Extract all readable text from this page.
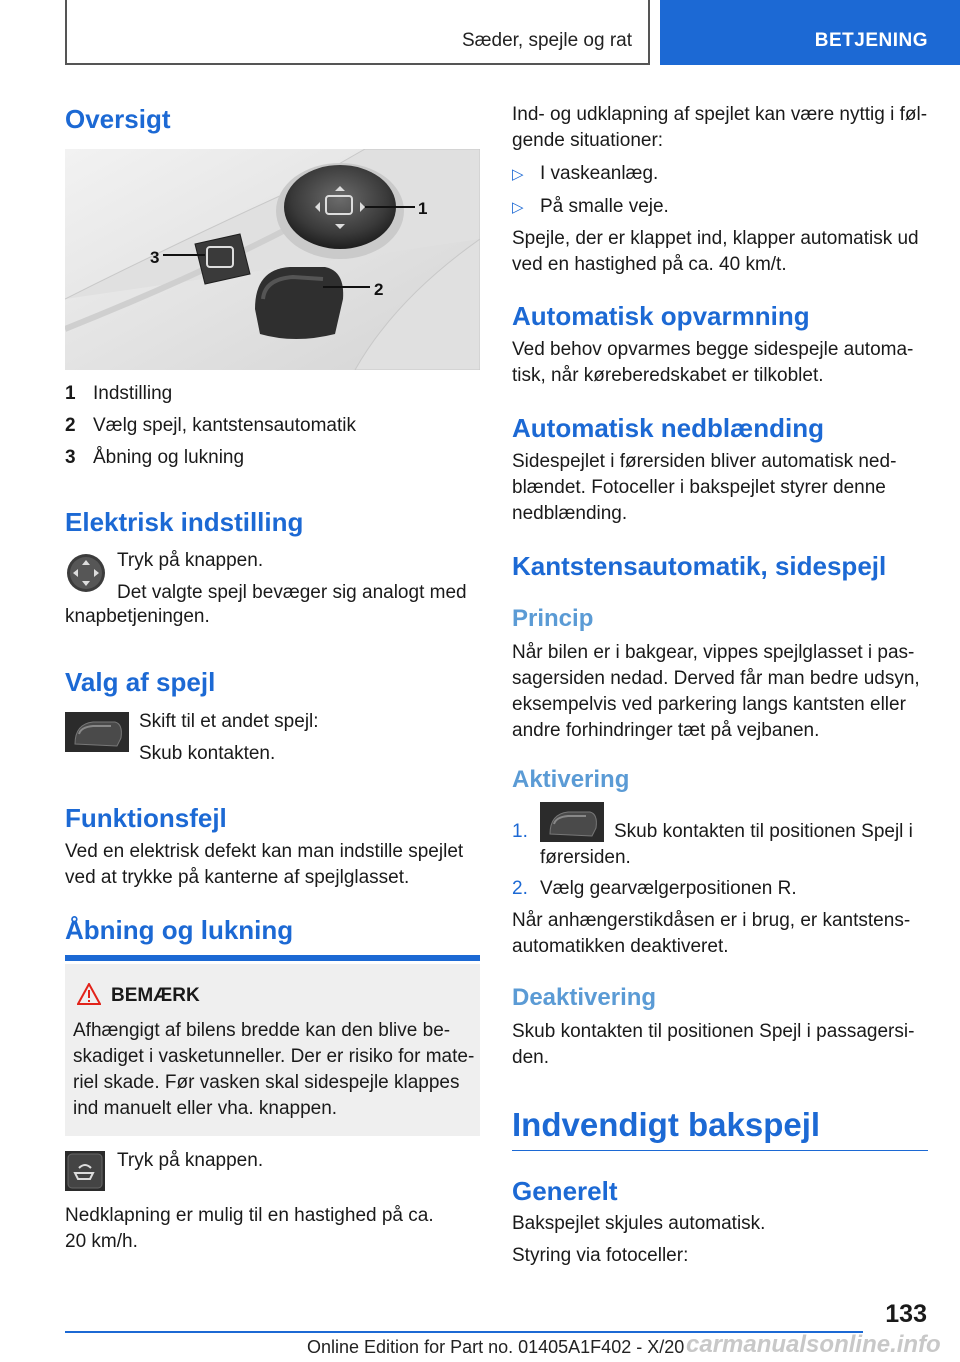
Sæder, spejle og rat	BETJENING
Oversigt
1
2
3
1 Indstilling
2 Vælg spejl, kantstensautomatik
3 Åbning og lukning
Elektrisk indstilling
Tryk på knappen.
Det valgte spejl bevæger sig analogt med
knapbetjeningen.
Valg af spejl
Skift til et andet spejl:
Skub kontakten.
Funktionsfejl
Ved en elektrisk defekt kan man indstille spejlet
ved at trykke på kanterne af spejlglasset.
Åbning og lukning
BEMÆRK
Afhængigt af bilens bredde kan den blive be-
skadiget i vasketunneller. Der er risiko for mate-
riel skade. Før vasken skal sidespejle klappes
ind manuelt eller vha. knappen.
Tryk på knappen.
Nedklapning er mulig til en hastighed på ca.
20 km/h.
Ind- og udklapning af spejlet kan være nyttig i føl-
gende situationer:
▷ I vaskeanlæg.
▷ På smalle veje.
Spejle, der er klappet ind, klapper automatisk ud
ved en hastighed på ca. 40 km/t.
Automatisk opvarmning
Ved behov opvarmes begge sidespejle automa-
tisk, når køreberedskabet er tilkoblet.
Automatisk nedblænding
Sidespejlet i førersiden bliver automatisk ned-
blændet. Fotoceller i bakspejlet styrer denne
nedblænding.
Kantstensautomatik, sidespejl
Princip
Når bilen er i bakgear, vippes spejlglasset i pas-
sagersiden nedad. Derved får man bedre udsyn,
eksempelvis ved parkering langs kantsten eller
andre forhindringer tæt på vejbanen.
Aktivering
1.	Skub kontakten til positionen Spejl i
førersiden.
2. Vælg gearvælgerpositionen R.
Når anhængerstikdåsen er i brug, er kantstens-
automatikken deaktiveret.
Deaktivering
Skub kontakten til positionen Spejl i passagersi-
den.
Indvendigt bakspejl
Generelt
Bakspejlet skjules automatisk.
Styring via fotoceller:
133
Online Edition for Part no. 01405A1F402 - X/20 carmanualsonline.info
